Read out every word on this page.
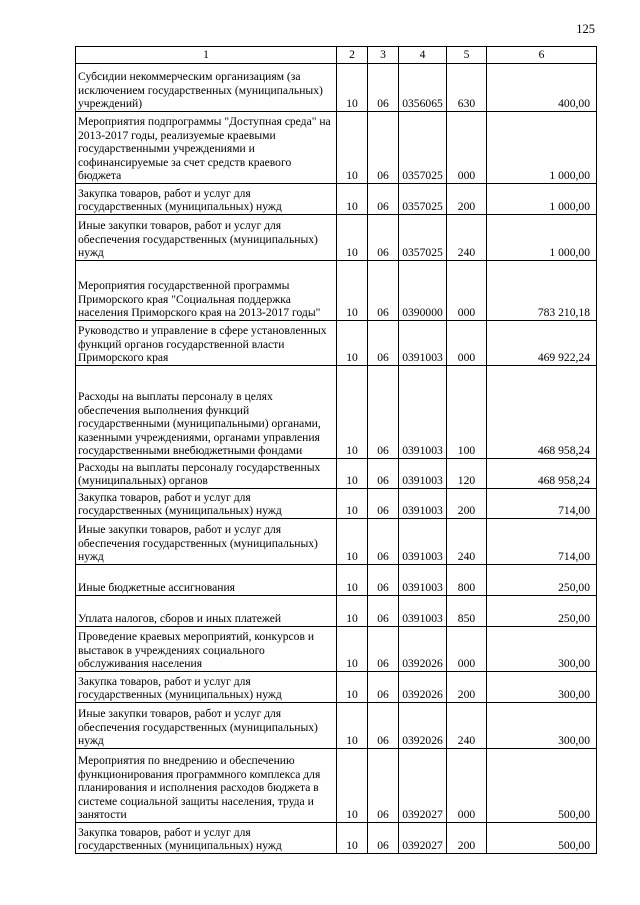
125
1	2	3	4	5	6
Субсидии некоммерческим организациям (за исключением государственных (муниципальных) учреждений)	10	06	0356065	630	400,00
Мероприятия подпрограммы "Доступная среда" на 2013-2017 годы, реализуемые краевыми государственными учреждениями и софинансируемые за счет средств краевого бюджета	10	06	0357025	000	1 000,00
Закупка товаров, работ и услуг для государственных (муниципальных) нужд	10	06	0357025	200	1 000,00
Иные закупки товаров, работ и услуг для обеспечения государственных (муниципальных) нужд	10	06	0357025	240	1 000,00
Мероприятия государственной программы Приморского края "Социальная поддержка населения Приморского края на 2013-2017 годы"	10	06	0390000	000	783 210,18
Руководство и управление в сфере установленных функций органов государственной власти Приморского края	10	06	0391003	000	469 922,24
Расходы на выплаты персоналу в целях обеспечения выполнения функций государственными (муниципальными) органами, казенными учреждениями, органами управления государственными внебюджетными фондами	10	06	0391003	100	468 958,24
Расходы на выплаты персоналу государственных (муниципальных) органов	10	06	0391003	120	468 958,24
Закупка товаров, работ и услуг для государственных (муниципальных) нужд	10	06	0391003	200	714,00
Иные закупки товаров, работ и услуг для обеспечения государственных (муниципальных) нужд	10	06	0391003	240	714,00
Иные бюджетные ассигнования	10	06	0391003	800	250,00
Уплата налогов, сборов и иных платежей	10	06	0391003	850	250,00
Проведение краевых мероприятий, конкурсов и выставок в учреждениях социального обслуживания населения	10	06	0392026	000	300,00
Закупка товаров, работ и услуг для государственных (муниципальных) нужд	10	06	0392026	200	300,00
Иные закупки товаров, работ и услуг для обеспечения государственных (муниципальных) нужд	10	06	0392026	240	300,00
Мероприятия по внедрению и обеспечению функционирования программного комплекса для планирования и исполнения расходов бюджета в системе социальной защиты населения, труда и занятости	10	06	0392027	000	500,00
Закупка товаров, работ и услуг для государственных (муниципальных) нужд	10	06	0392027	200	500,00
